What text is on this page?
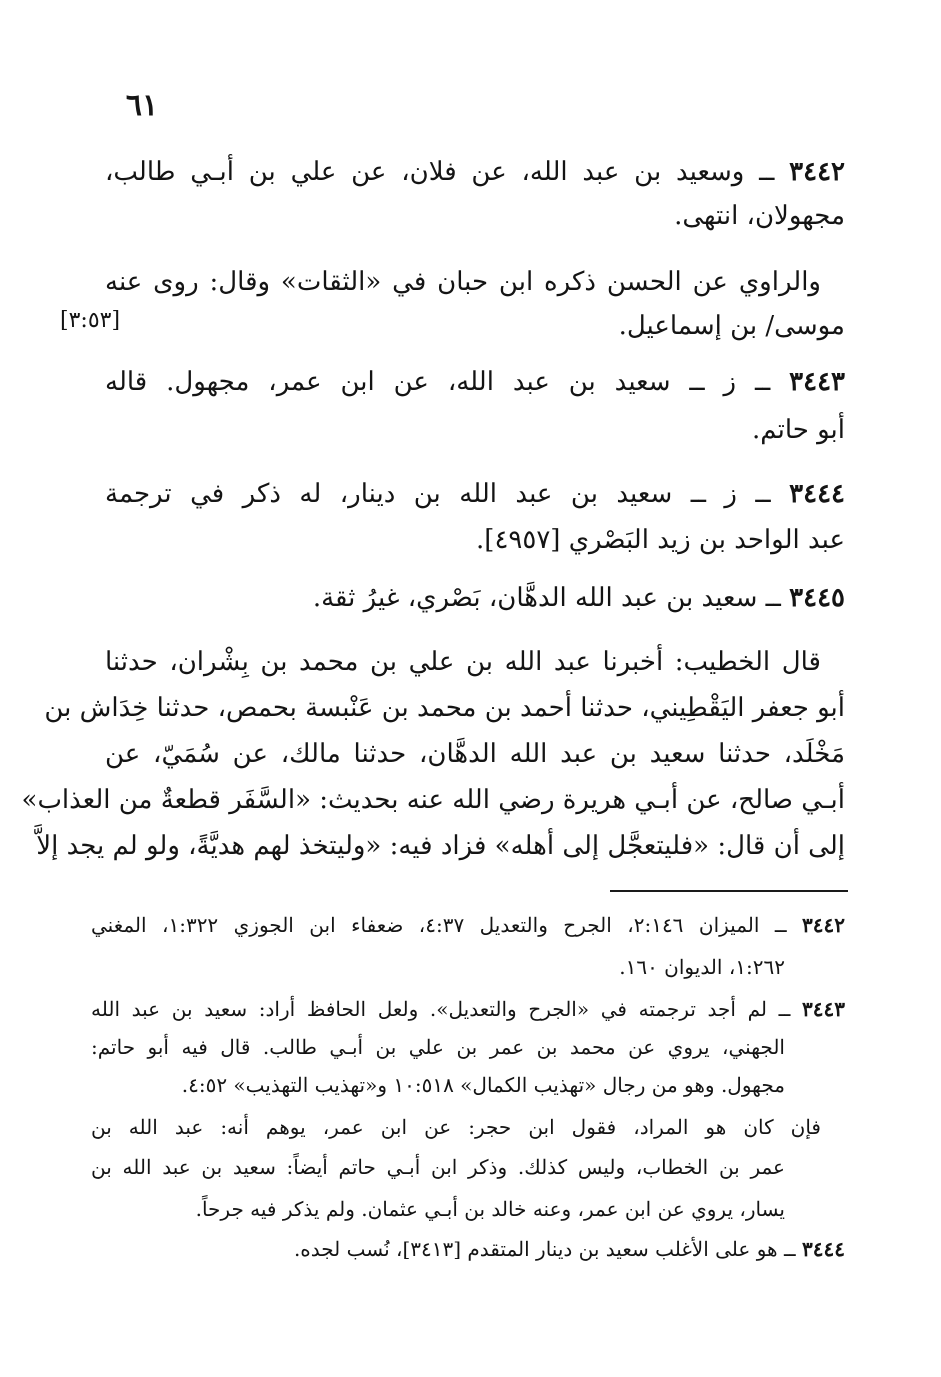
٦١
[٣:٥٣]
٣٤٤٢ ــ وسعيد بن عبد الله، عن فلان، عن علي بن أبـي طالب،
مجهولان، انتهى.
والراوي عن الحسن ذكره ابن حبان في «الثقات» وقال: روى عنه
موسى/ بن إسماعيل.
٣٤٤٣ ــ ز ــ سعيد بن عبد الله، عن ابن عمر، مجهول. قاله
أبو حاتم.
٣٤٤٤ ــ ز ــ سعيد بن عبد الله بن دينار، له ذكر في ترجمة
عبد الواحد بن زيد البَصْري [٤٩٥٧].
٣٤٤٥ ــ سعيد بن عبد الله الدهَّان، بَصْري، غيرُ ثقة.
قال الخطيب: أخبرنا عبد الله بن علي بن محمد بن بِشْران، حدثنا
أبو جعفر اليَقْطِيني، حدثنا أحمد بن محمد بن عَنْبسة بحمص، حدثنا خِدَاش بن
مَخْلَد، حدثنا سعيد بن عبد الله الدهَّان، حدثنا مالك، عن سُمَيّ، عن
أبـي صالح، عن أبـي هريرة رضي الله عنه بحديث: «السَّفَر قطعةٌ من العذاب»
إلى أن قال: «فليتعجَّل إلى أهله» فزاد فيه: «وليتخذ لهم هديَّةً، ولو لم يجد إلاَّ
٣٤٤٢ ــ الميزان ٢:١٤٦، الجرح والتعديل ٤:٣٧، ضعفاء ابن الجوزي ١:٣٢٢، المغني
١:٢٦٢، الديوان ١٦٠.
٣٤٤٣ ــ لم أجد ترجمته في «الجرح والتعديل». ولعل الحافظ أراد: سعيد بن عبد الله
الجهني، يروي عن محمد بن عمر بن علي بن أبـي طالب. قال فيه أبو حاتم:
مجهول. وهو من رجال «تهذيب الكمال» ١٠:٥١٨ و«تهذيب التهذيب» ٤:٥٢.
فإن كان هو المراد، فقول ابن حجر: عن ابن عمر، يوهم أنه: عبد الله بن
عمر بن الخطاب، وليس كذلك. وذكر ابن أبـي حاتم أيضاً: سعيد بن عبد الله بن
يسار، يروي عن ابن عمر، وعنه خالد بن أبـي عثمان. ولم يذكر فيه جرحاً.
٣٤٤٤ ــ هو على الأغلب سعيد بن دينار المتقدم [٣٤١٣]، نُسب لجده.
